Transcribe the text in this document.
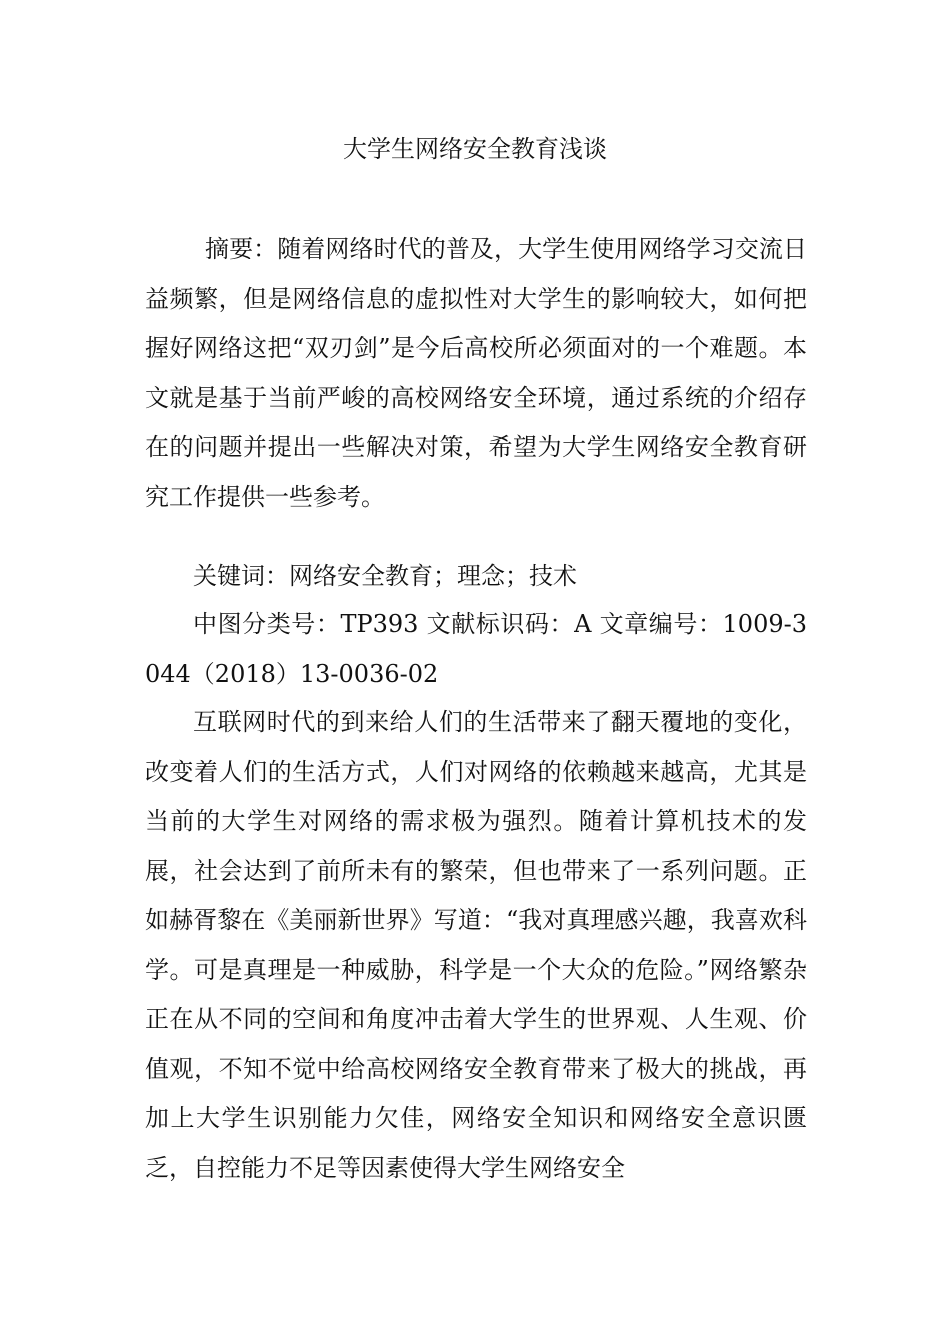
大学生网络安全教育浅谈

摘要：随着网络时代的普及，大学生使用网络学习交流日益频繁，但是网络信息的虚拟性对大学生的影响较大，如何把握好网络这把“双刃剑”是今后高校所必须面对的一个难题。本文就是基于当前严峻的高校网络安全环境，通过系统的介绍存在的问题并提出一些解决对策，希望为大学生网络安全教育研究工作提供一些参考。

关键词：网络安全教育；理念；技术

中图分类号：TP393 文献标识码：A 文章编号：1009-3044（2018）13-0036-02

互联网时代的到来给人们的生活带来了翻天覆地的变化，改变着人们的生活方式，人们对网络的依赖越来越高，尤其是当前的大学生对网络的需求极为强烈。随着计算机技术的发展，社会达到了前所未有的繁荣，但也带来了一系列问题。正如赫胥黎在《美丽新世界》写道：“我对真理感兴趣，我喜欢科学。可是真理是一种威胁，科学是一个大众的危险。”网络繁杂正在从不同的空间和角度冲击着大学生的世界观、人生观、价值观，不知不觉中给高校网络安全教育带来了极大的挑战，再加上大学生识别能力欠佳，网络安全知识和网络安全意识匮乏，自控能力不足等因素使得大学生网络安全
